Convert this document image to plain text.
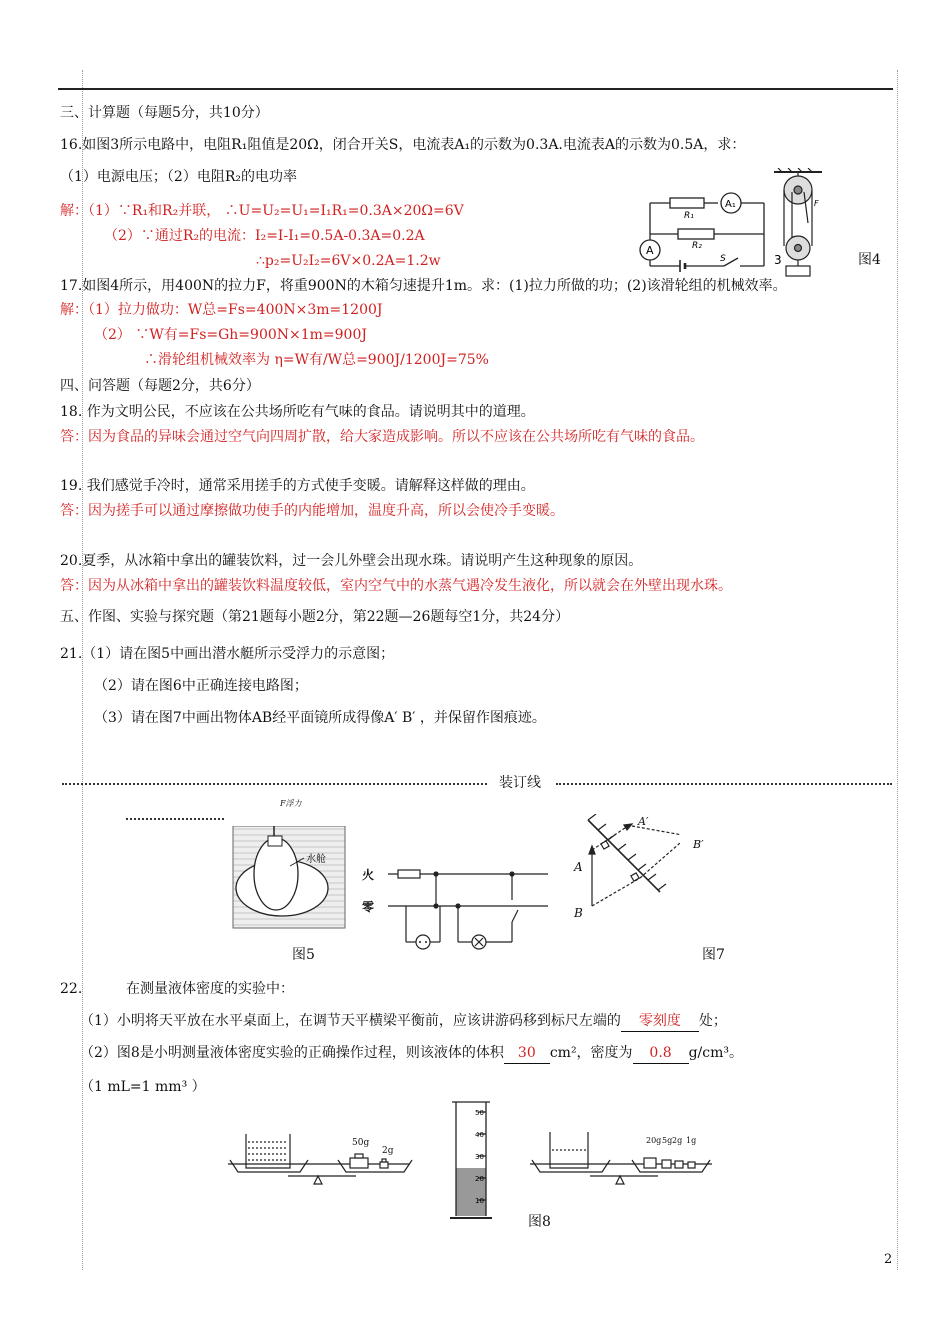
三、计算题（每题5分，共10分）
16.如图3所示电路中，电阻R₁阻值是20Ω，闭合开关S，电流表A₁的示数为0.3A.电流表A的示数为0.5A，求：
（1）电源电压；（2）电阻R₂的电功率
解：（1）∵R₁和R₂并联， ∴U=U₂=U₁=I₁R₁=0.3A×20Ω=6V
（2）∵通过R₂的电流：I₂=I-I₁=0.5A-0.3A=0.2A
∴p₂=U₂I₂=6V×0.2A=1.2w
R₁
R₂
A₁
A
S	3
F
图4
17.如图4所示，用400N的拉力F，将重900N的木箱匀速提升1m。求：(1)拉力所做的功；(2)该滑轮组的机械效率。
解：（1）拉力做功：W总=Fs=400N×3m=1200J
（2） ∵W有=Fs=Gh=900N×1m=900J
∴滑轮组机械效率为 η=W有/W总=900J/1200J=75%
四、问答题（每题2分，共6分）
18. 作为文明公民，不应该在公共场所吃有气味的食品。请说明其中的道理。
答：因为食品的异味会通过空气向四周扩散，给大家造成影响。所以不应该在公共场所吃有气味的食品。
19. 我们感觉手冷时，通常采用搓手的方式使手变暖。请解释这样做的理由。
答：因为搓手可以通过摩擦做功使手的内能增加，温度升高，所以会使冷手变暖。
20.夏季，从冰箱中拿出的罐装饮料，过一会儿外壁会出现水珠。请说明产生这种现象的原因。
答：因为从冰箱中拿出的罐装饮料温度较低，室内空气中的水蒸气遇冷发生液化，所以就会在外壁出现水珠。
五、作图、实验与探究题（第21题每小题2分，第22题—26题每空1分，共24分）
21.（1）请在图5中画出潜水艇所示受浮力的示意图；
（2）请在图6中正确连接电路图；
（3）请在图7中画出物体AB经平面镜所成得像A′ B′ ，并保留作图痕迹。
装订线
F浮力
水舱
图5
火
零
A
B
A′
B′
图7
22.	在测量液体密度的实验中：
（1）小明将天平放在水平桌面上，在调节天平横梁平衡前，应该讲游码移到标尺左端的 零刻度 处；
（2）图8是小明测量液体密度实验的正确操作过程，则该液体的体积 30 cm²，密度为 0.8 g/cm³。
（1 mL=1 mm³ ）
50g
2g
50
40
30
20
10
20g 5g 2g 1g
图8
2
